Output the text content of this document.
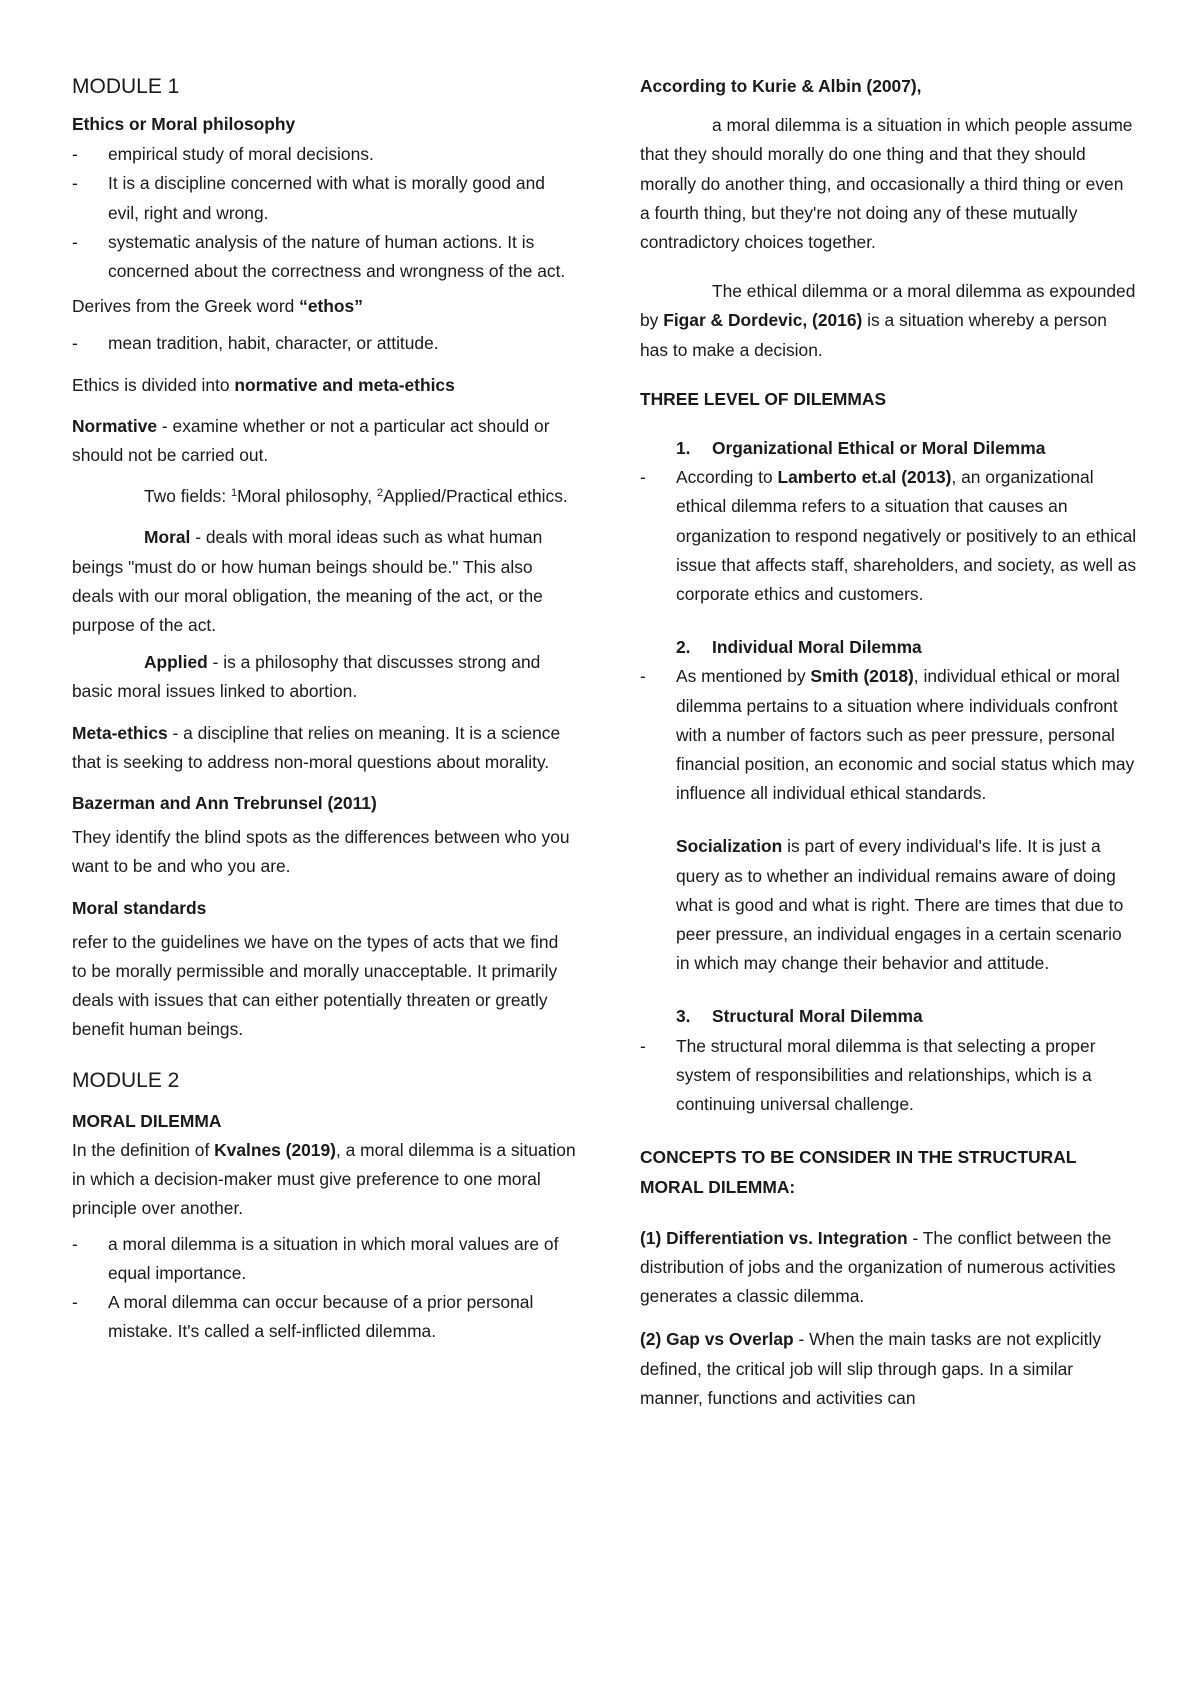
MODULE 1

Ethics or Moral philosophy

- empirical study of moral decisions.
- It is a discipline concerned with what is morally good and evil, right and wrong.
- systematic analysis of the nature of human actions. It is concerned about the correctness and wrongness of the act.

Derives from the Greek word “ethos”

- mean tradition, habit, character, or attitude.

Ethics is divided into normative and meta-ethics

Normative - examine whether or not a particular act should or should not be carried out.

Two fields: $^1$Moral philosophy, $^2$Applied/Practical ethics.

Moral - deals with moral ideas such as what human beings "must do or how human beings should be." This also deals with our moral obligation, the meaning of the act, or the purpose of the act.

Applied - is a philosophy that discusses strong and basic moral issues linked to abortion.

Meta-ethics - a discipline that relies on meaning. It is a science that is seeking to address non-moral questions about morality.

Bazerman and Ann Trebrunsel (2011)

They identify the blind spots as the differences between who you want to be and who you are.

Moral standards

refer to the guidelines we have on the types of acts that we find to be morally permissible and morally unacceptable. It primarily deals with issues that can either potentially threaten or greatly benefit human beings.

MODULE 2

MORAL DILEMMA

In the definition of Kvalnes (2019), a moral dilemma is a situation in which a decision-maker must give preference to one moral principle over another.

- a moral dilemma is a situation in which moral values are of equal importance.
- A moral dilemma can occur because of a prior personal mistake. It's called a self-inflicted dilemma.

According to Kurie & Albin (2007),

a moral dilemma is a situation in which people assume that they should morally do one thing and that they should morally do another thing, and occasionally a third thing or even a fourth thing, but they're not doing any of these mutually contradictory choices together.

The ethical dilemma or a moral dilemma as expounded by Figar & Dordevic, (2016) is a situation whereby a person has to make a decision.

THREE LEVEL OF DILEMMAS

1. Organizational Ethical or Moral Dilemma

- According to Lamberto et.al (2013), an organizational ethical dilemma refers to a situation that causes an organization to respond negatively or positively to an ethical issue that affects staff, shareholders, and society, as well as corporate ethics and customers.

2. Individual Moral Dilemma

- As mentioned by Smith (2018), individual ethical or moral dilemma pertains to a situation where individuals confront with a number of factors such as peer pressure, personal financial position, an economic and social status which may influence all individual ethical standards.

Socialization is part of every individual's life. It is just a query as to whether an individual remains aware of doing what is good and what is right. There are times that due to peer pressure, an individual engages in a certain scenario in which may change their behavior and attitude.

3. Structural Moral Dilemma

- The structural moral dilemma is that selecting a proper system of responsibilities and relationships, which is a continuing universal challenge.

CONCEPTS TO BE CONSIDER IN THE STRUCTURAL MORAL DILEMMA:

(1) Differentiation vs. Integration - The conflict between the distribution of jobs and the organization of numerous activities generates a classic dilemma.

(2) Gap vs Overlap - When the main tasks are not explicitly defined, the critical job will slip through gaps. In a similar manner, functions and activities can
